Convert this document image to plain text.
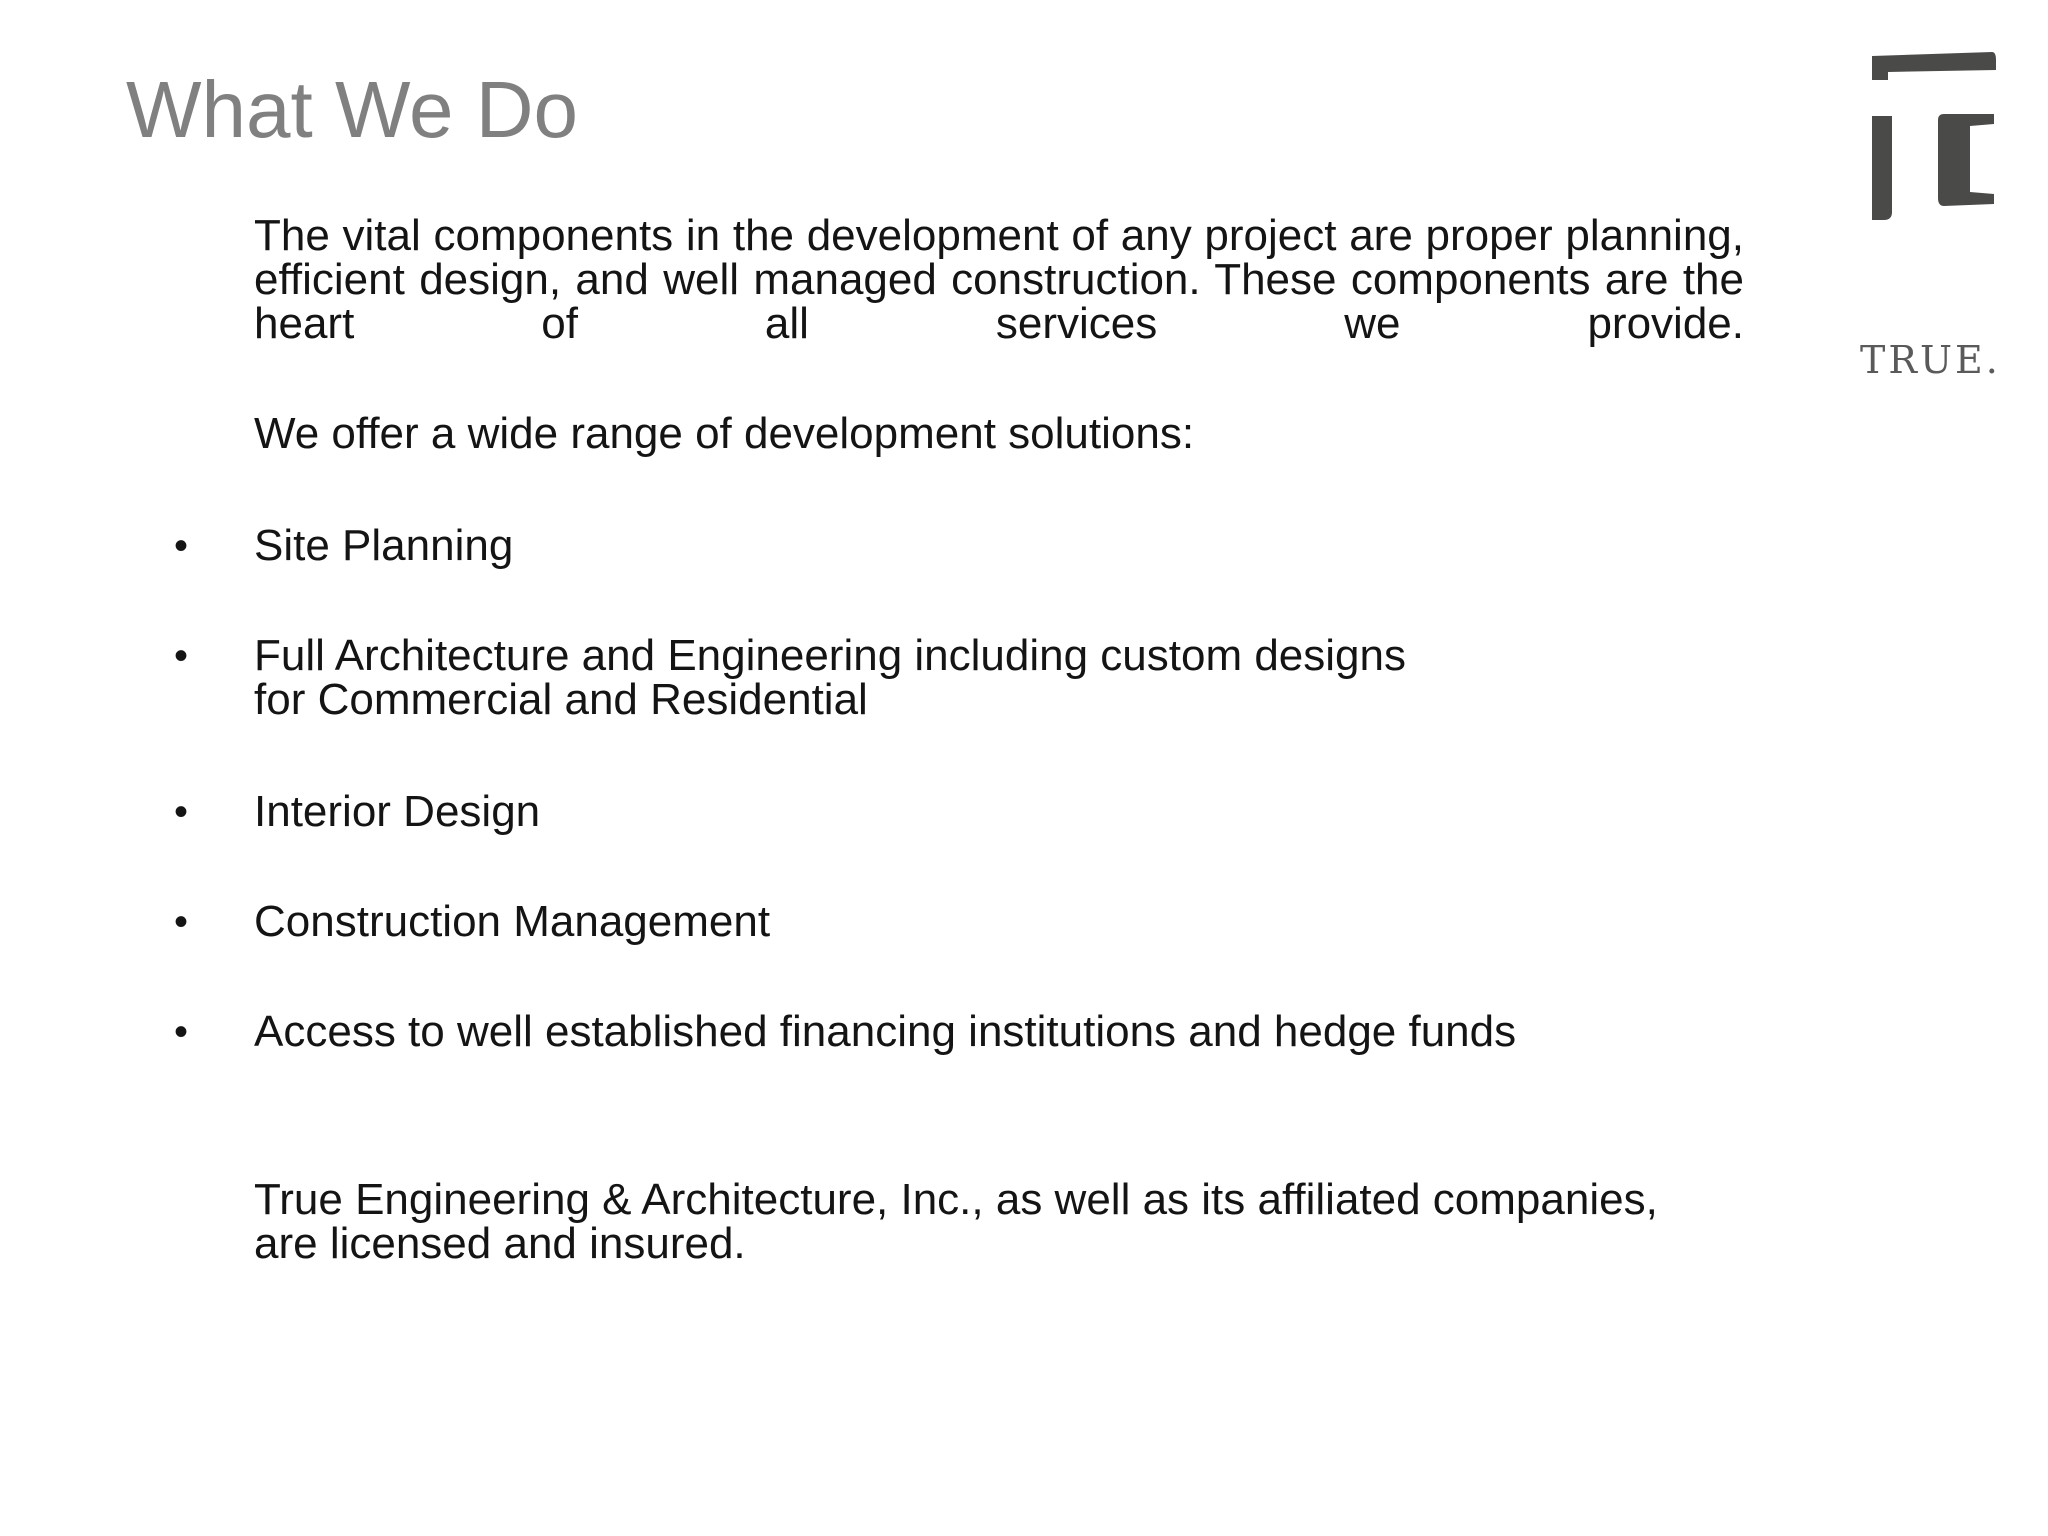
What We Do
TRUE.

The vital components in the development of any project are proper planning, efficient design, and well managed construction. These components are the heart of all services we provide.

We offer a wide range of development solutions:

• Site Planning
• Full Architecture and Engineering including custom designs
for Commercial and Residential
• Interior Design
• Construction Management
• Access to well established financing institutions and hedge funds

True Engineering & Architecture, Inc., as well as its affiliated companies,
are licensed and insured.
